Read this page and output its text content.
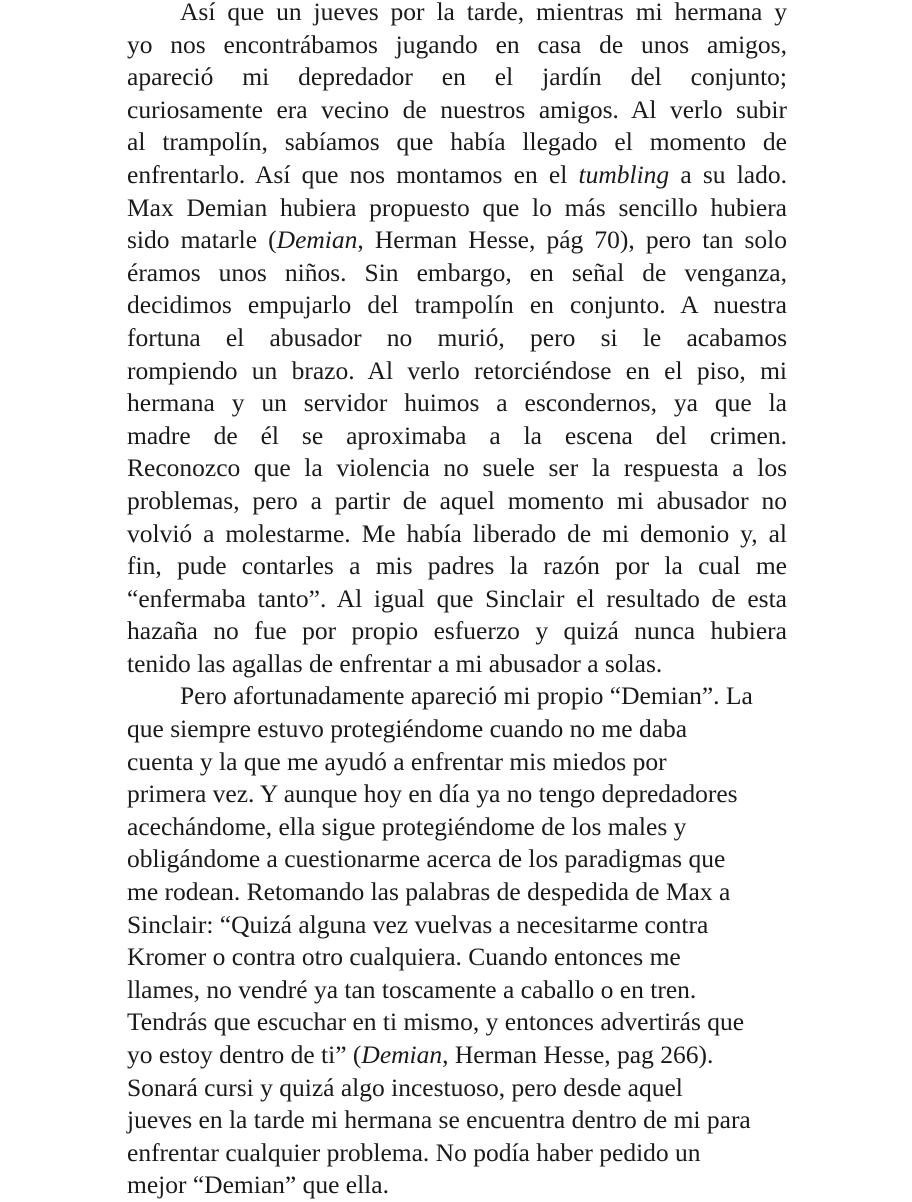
Así que un jueves por la tarde, mientras mi hermana y
yo nos encontrábamos jugando en casa de unos amigos,
apareció mi depredador en el jardín del conjunto;
curiosamente era vecino de nuestros amigos. Al verlo subir
al trampolín, sabíamos que había llegado el momento de
enfrentarlo. Así que nos montamos en el tumbling a su lado.
Max Demian hubiera propuesto que lo más sencillo hubiera
sido matarle (Demian, Herman Hesse, pág 70), pero tan solo
éramos unos niños. Sin embargo, en señal de venganza,
decidimos empujarlo del trampolín en conjunto. A nuestra
fortuna el abusador no murió, pero si le acabamos
rompiendo un brazo. Al verlo retorciéndose en el piso, mi
hermana y un servidor huimos a escondernos, ya que la
madre de él se aproximaba a la escena del crimen.
Reconozco que la violencia no suele ser la respuesta a los
problemas, pero a partir de aquel momento mi abusador no
volvió a molestarme. Me había liberado de mi demonio y, al
fin, pude contarles a mis padres la razón por la cual me
“enfermaba tanto”. Al igual que Sinclair el resultado de esta
hazaña no fue por propio esfuerzo y quizá nunca hubiera
tenido las agallas de enfrentar a mi abusador a solas.
Pero afortunadamente apareció mi propio “Demian”. La
que siempre estuvo protegiéndome cuando no me daba
cuenta y la que me ayudó a enfrentar mis miedos por
primera vez. Y aunque hoy en día ya no tengo depredadores
acechándome, ella sigue protegiéndome de los males y
obligándome a cuestionarme acerca de los paradigmas que
me rodean. Retomando las palabras de despedida de Max a
Sinclair: “Quizá alguna vez vuelvas a necesitarme contra
Kromer o contra otro cualquiera. Cuando entonces me
llames, no vendré ya tan toscamente a caballo o en tren.
Tendrás que escuchar en ti mismo, y entonces advertirás que
yo estoy dentro de ti” (Demian, Herman Hesse, pag 266).
Sonará cursi y quizá algo incestuoso, pero desde aquel
jueves en la tarde mi hermana se encuentra dentro de mi para
enfrentar cualquier problema. No podía haber pedido un
mejor “Demian” que ella.
